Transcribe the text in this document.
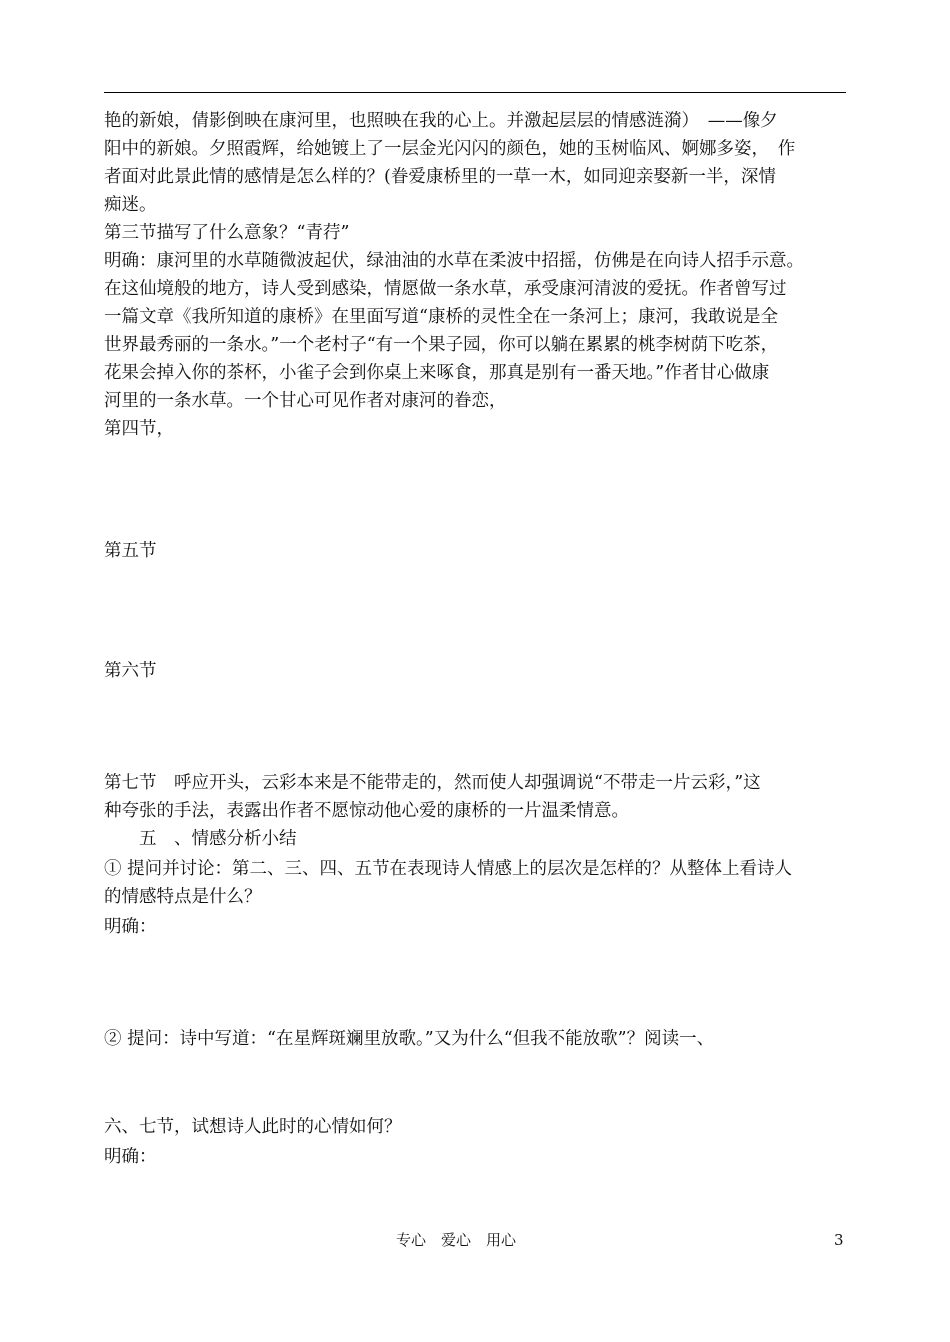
艳的新娘，倩影倒映在康河里，也照映在我的心上。并激起层层的情感涟漪）　——像夕
阳中的新娘。夕照霞辉，给她镀上了一层金光闪闪的颜色，她的玉树临风、婀娜多姿，　作
者面对此景此情的感情是怎么样的？(眷爱康桥里的一草一木，如同迎亲娶新一半，深情
痴迷。
第三节描写了什么意象？“青荇”
明确：康河里的水草随微波起伏，绿油油的水草在柔波中招摇，仿佛是在向诗人招手示意。
在这仙境般的地方，诗人受到感染，情愿做一条水草，承受康河清波的爱抚。作者曾写过
一篇文章《我所知道的康桥》在里面写道“康桥的灵性全在一条河上；康河，我敢说是全
世界最秀丽的一条水。”一个老村子“有一个果子园，你可以躺在累累的桃李树荫下吃茶，
花果会掉入你的茶杯，小雀子会到你桌上来啄食，那真是别有一番天地。”作者甘心做康
河里的一条水草。一个甘心可见作者对康河的眷恋，
第四节，
第五节
第六节
第七节　呼应开头，云彩本来是不能带走的，然而使人却强调说“不带走一片云彩，”这
种夸张的手法，表露出作者不愿惊动他心爱的康桥的一片温柔情意。
　　五　、情感分析小结
① 提问并讨论：第二、三、四、五节在表现诗人情感上的层次是怎样的？从整体上看诗人
的情感特点是什么？
明确：
② 提问：诗中写道：“在星辉斑斓里放歌。”又为什么“但我不能放歌”？阅读一、
六、七节，试想诗人此时的心情如何？
明确：
专心　爱心　用心	3
